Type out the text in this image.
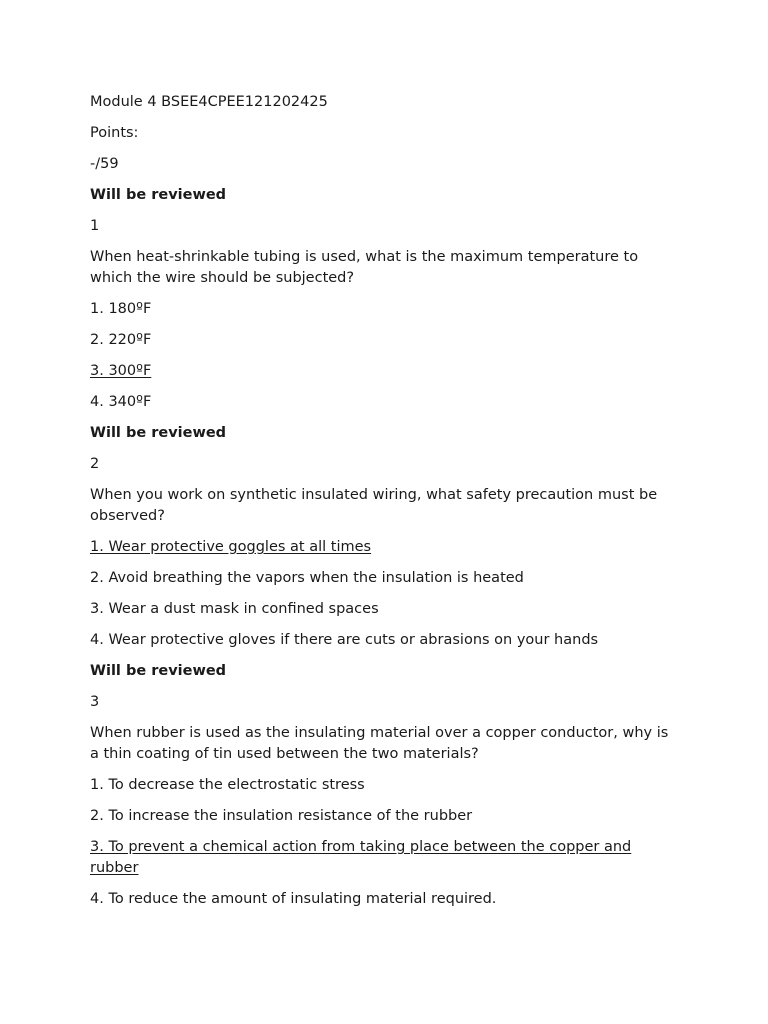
Module 4 BSEE4CPEE121202425
Points:
-/59
Will be reviewed
1
When heat-shrinkable tubing is used, what is the maximum temperature to which the wire should be subjected?
1. 180ºF
2. 220ºF
3. 300ºF
4. 340ºF
Will be reviewed
2
When you work on synthetic insulated wiring, what safety precaution must be observed?
1. Wear protective goggles at all times
2. Avoid breathing the vapors when the insulation is heated
3. Wear a dust mask in confined spaces
4. Wear protective gloves if there are cuts or abrasions on your hands
Will be reviewed
3
When rubber is used as the insulating material over a copper conductor, why is a thin coating of tin used between the two materials?
1. To decrease the electrostatic stress
2. To increase the insulation resistance of the rubber
3. To prevent a chemical action from taking place between the copper and rubber
4. To reduce the amount of insulating material required.
